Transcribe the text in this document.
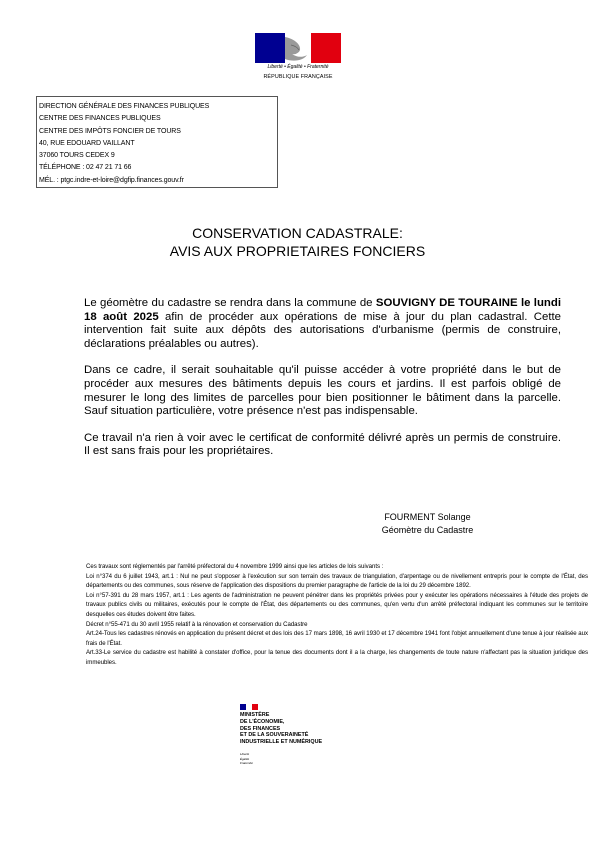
Liberté • Égalité • Fraternité
RÉPUBLIQUE FRANÇAISE
DIRECTION GÉNÉRALE DES FINANCES PUBLIQUES
CENTRE DES FINANCES PUBLIQUES
CENTRE DES IMPÔTS FONCIER DE TOURS
40, RUE EDOUARD VAILLANT
37060 TOURS CEDEX 9
TÉLÉPHONE : 02 47 21 71 66
MÉL. : ptgc.indre-et-loire@dgfip.finances.gouv.fr
CONSERVATION CADASTRALE:
AVIS AUX PROPRIETAIRES FONCIERS

Le géomètre du cadastre se rendra dans la commune de SOUVIGNY DE TOURAINE le lundi 18 août 2025 afin de procéder aux opérations de mise à jour du plan cadastral. Cette intervention fait suite aux dépôts des autorisations d'urbanisme (permis de construire, déclarations préalables ou autres).

Dans ce cadre, il serait souhaitable qu'il puisse accéder à votre propriété dans le but de procéder aux mesures des bâtiments depuis les cours et jardins. Il est parfois obligé de mesurer le long des limites de parcelles pour bien positionner le bâtiment dans la parcelle. Sauf situation particulière, votre présence n'est pas indispensable.

Ce travail n'a rien à voir avec le certificat de conformité délivré après un permis de construire. Il est sans frais pour les propriétaires.

FOURMENT Solange
Géomètre du Cadastre

Ces travaux sont réglementés par l'arrêté préfectoral du 4 novembre 1999 ainsi que les articles de lois suivants :

Loi n°374 du 6 juillet 1943, art.1 : Nul ne peut s'opposer à l'exécution sur son terrain des travaux de triangulation, d'arpentage ou de nivellement entrepris pour le compte de l'État, des départements ou des communes, sous réserve de l'application des dispositions du premier paragraphe de l'article de la loi du 29 décembre 1892.

Loi n°57-391 du 28 mars 1957, art.1 : Les agents de l'administration ne peuvent pénétrer dans les propriétés privées pour y exécuter les opérations nécessaires à l'étude des projets de travaux publics civils ou militaires, exécutés pour le compte de l'État, des départements ou des communes, qu'en vertu d'un arrêté préfectoral indiquant les communes sur le territoire desquelles ces études doivent être faites.

Décret n°55-471 du 30 avril 1955 relatif à la rénovation et conservation du Cadastre

Art.24-Tous les cadastres rénovés en application du présent décret et des lois des 17 mars 1898, 16 avril 1930 et 17 décembre 1941 font l'objet annuellement d'une tenue à jour réalisée aux frais de l'État.

Art.33-Le service du cadastre est habilité à constater d'office, pour la tenue des documents dont il a la charge, les changements de toute nature n'affectant pas la situation juridique des immeubles.

MINISTÈRE
DE L'ÉCONOMIE,
DES FINANCES
ET DE LA SOUVERAINETÉ
INDUSTRIELLE ET NUMÉRIQUE
Liberté
Égalité
Fraternité
